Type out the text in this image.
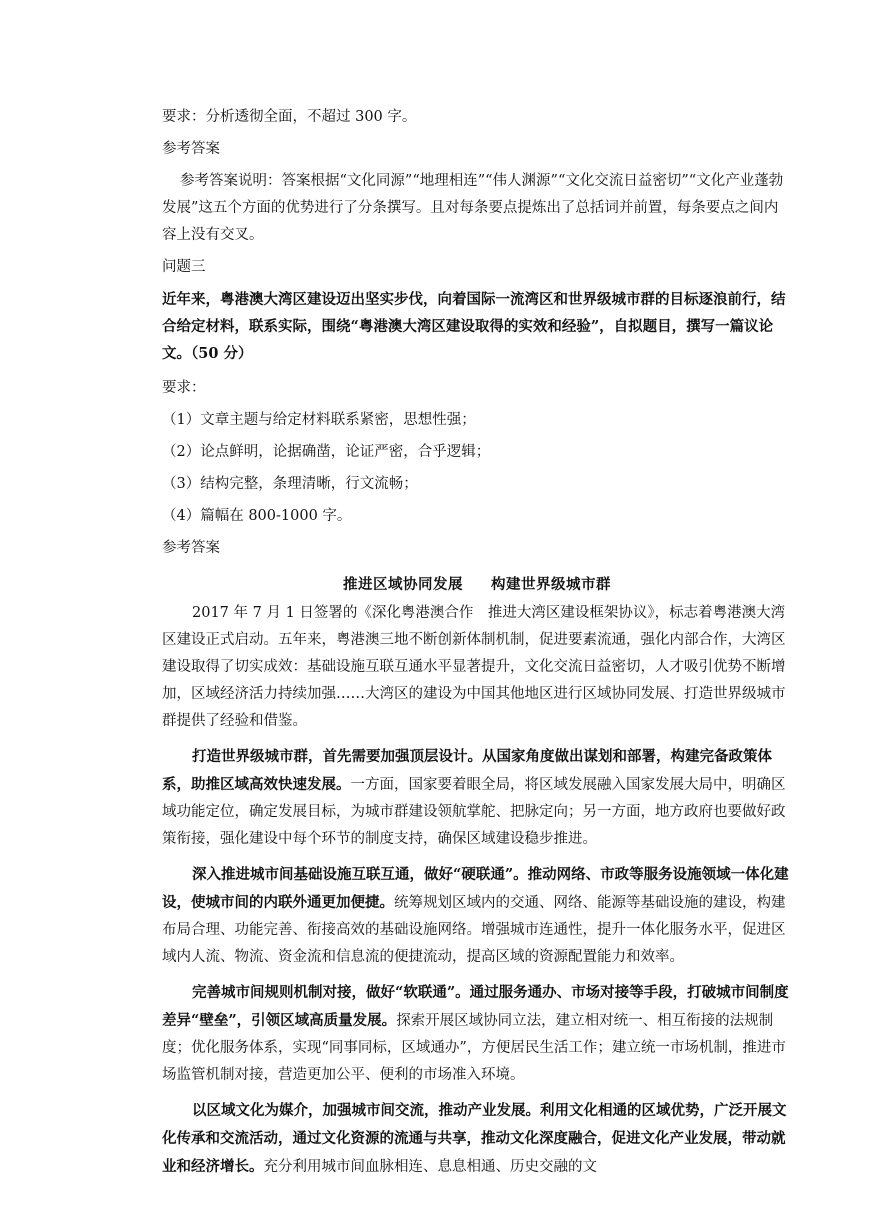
要求：分析透彻全面，不超过 300 字。

参考答案

参考答案说明：答案根据“文化同源”“地理相连”“伟人渊源”“文化交流日益密切”“文化产业蓬勃发展”这五个方面的优势进行了分条撰写。且对每条要点提炼出了总括词并前置，每条要点之间内容上没有交叉。

问题三

近年来，粤港澳大湾区建设迈出坚实步伐，向着国际一流湾区和世界级城市群的目标逐浪前行，结合给定材料，联系实际，围绕“粤港澳大湾区建设取得的实效和经验”，自拟题目，撰写一篇议论文。（50 分）

要求：

（1）文章主题与给定材料联系紧密，思想性强；

（2）论点鲜明，论据确凿，论证严密，合乎逻辑；

（3）结构完整，条理清晰，行文流畅；

（4）篇幅在 800-1000 字。

参考答案

推进区域协同发展 构建世界级城市群

2017 年 7 月 1 日签署的《深化粤港澳合作　推进大湾区建设框架协议》，标志着粤港澳大湾区建设正式启动。五年来，粤港澳三地不断创新体制机制，促进要素流通，强化内部合作，大湾区建设取得了切实成效：基础设施互联互通水平显著提升，文化交流日益密切，人才吸引优势不断增加，区域经济活力持续加强……大湾区的建设为中国其他地区进行区域协同发展、打造世界级城市群提供了经验和借鉴。

打造世界级城市群，首先需要加强顶层设计。从国家角度做出谋划和部署，构建完备政策体系，助推区域高效快速发展。一方面，国家要着眼全局，将区域发展融入国家发展大局中，明确区域功能定位，确定发展目标，为城市群建设领航掌舵、把脉定向；另一方面，地方政府也要做好政策衔接，强化建设中每个环节的制度支持，确保区域建设稳步推进。

深入推进城市间基础设施互联互通，做好“硬联通”。推动网络、市政等服务设施领域一体化建设，使城市间的内联外通更加便捷。统筹规划区域内的交通、网络、能源等基础设施的建设，构建布局合理、功能完善、衔接高效的基础设施网络。增强城市连通性，提升一体化服务水平，促进区域内人流、物流、资金流和信息流的便捷流动，提高区域的资源配置能力和效率。

完善城市间规则机制对接，做好“软联通”。通过服务通办、市场对接等手段，打破城市间制度差异“壁垒”，引领区域高质量发展。探索开展区域协同立法，建立相对统一、相互衔接的法规制度；优化服务体系，实现“同事同标，区域通办”，方便居民生活工作；建立统一市场机制，推进市场监管机制对接，营造更加公平、便利的市场准入环境。

以区域文化为媒介，加强城市间交流，推动产业发展。利用文化相通的区域优势，广泛开展文化传承和交流活动，通过文化资源的流通与共享，推动文化深度融合，促进文化产业发展，带动就业和经济增长。充分利用城市间血脉相连、息息相通、历史交融的文
